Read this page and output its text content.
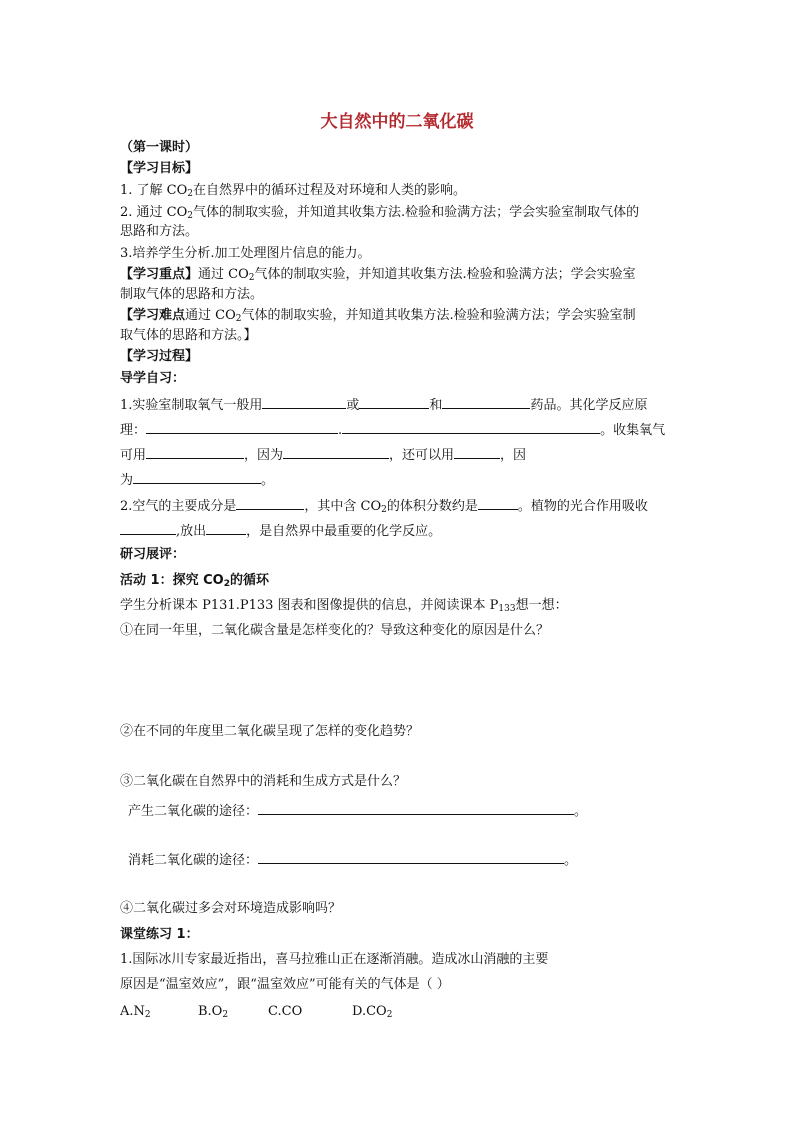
大自然中的二氧化碳
（第一课时）
【学习目标】
1. 了解 $CO_2$在自然界中的循环过程及对环境和人类的影响。
2. 通过 $CO_2$气体的制取实验，并知道其收集方法.检验和验满方法；学会实验室制取气体的
思路和方法。
3.培养学生分析.加工处理图片信息的能力。
【学习重点】通过 $CO_2$气体的制取实验，并知道其收集方法.检验和验满方法；学会实验室
制取气体的思路和方法。
【学习难点通过 $CO_2$气体的制取实验，并知道其收集方法.检验和验满方法；学会实验室制
取气体的思路和方法。】
【学习过程】
导学自习：
1.实验室制取氧气一般用	或	和	药品。其化学反应原
理：	.	。收集氧气
可用	，因为	，还可以用	，因
为	。
2.空气的主要成分是	，其中含 $CO_2$的体积分数约是	。植物的光合作用吸收
,放出	，是自然界中最重要的化学反应。
研习展评：
活动 1：探究 $CO_2$的循环
学生分析课本 P131.P133 图表和图像提供的信息，并阅读课本 $P_{133}$想一想：
①在同一年里，二氧化碳含量是怎样变化的？导致这种变化的原因是什么？
②在不同的年度里二氧化碳呈现了怎样的变化趋势？
③二氧化碳在自然界中的消耗和生成方式是什么？
产生二氧化碳的途径：	。
消耗二氧化碳的途径：	。
④二氧化碳过多会对环境造成影响吗？
课堂练习 1：
1.国际冰川专家最近指出，喜马拉雅山正在逐渐消融。造成冰山消融的主要
原因是“温室效应”，跟“温室效应”可能有关的气体是（ ）
$A.N_2$	$B.O_2$	C.CO	$D.CO_2$
